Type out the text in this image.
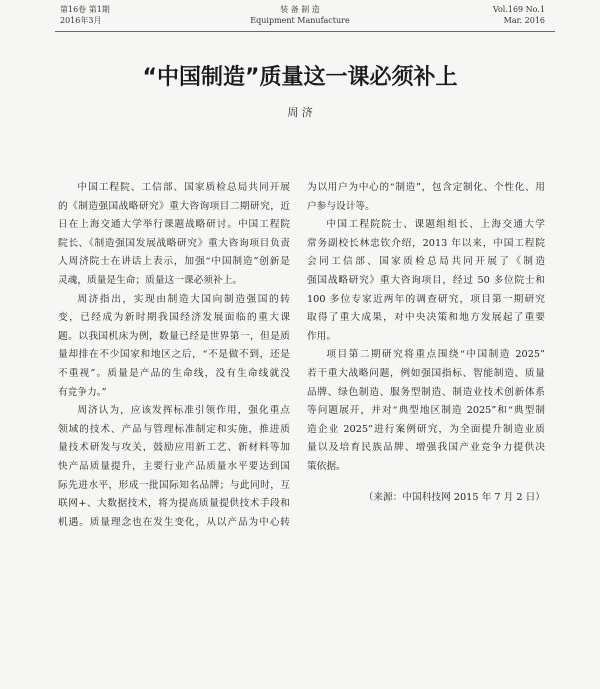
第16卷 第1期
2016年3月
装 备 制 造
Equipment Manufacture
Vol.169 No.1
Mar. 2016
“中国制造”质量这一课必须补上
周 济
中国工程院、工信部、国家质检总局共同开展
的《制造强国战略研究》重大咨询项目二期研究，近
日在上海交通大学举行课题战略研讨。中国工程院
院长、《制造强国发展战略研究》重大咨询项目负责
人周济院士在讲话上表示，加强“中国制造”创新是
灵魂，质量是生命；质量这一课必须补上。
周济指出，实现由制造大国向制造强国的转
变，已经成为新时期我国经济发展面临的重大课
题。以我国机床为例，数量已经是世界第一，但是质
量却排在不少国家和地区之后，“不是做不到，还是
不重视”。质量是产品的生命线，没有生命线就没
有竞争力。”
周济认为，应该发挥标准引领作用，强化重点
领域的技术、产品与管理标准制定和实施，推进质
量技术研发与攻关，鼓励应用新工艺、新材料等加
快产品质量提升，主要行业产品质量水平要达到国
际先进水平，形成一批国际知名品牌；与此同时，互
联网+、大数据技术，将为提高质量提供技术手段和
机遇。质量理念也在发生变化，从以产品为中心转
为以用户为中心的“制造”，包含定制化、个性化、用
户参与设计等。
中国工程院院士、课题组组长、上海交通大学
常务副校长林忠钦介绍，2013 年以来，中国工程院
会同工信部、国家质检总局共同开展了《制造
强国战略研究》重大咨询项目，经过 50 多位院士和
100 多位专家近两年的调查研究，项目第一期研究
取得了重大成果，对中央决策和地方发展起了重要
作用。
项目第二期研究将重点围绕“中国制造 2025”
若干重大战略问题，例如强国指标、智能制造、质量
品牌、绿色制造、服务型制造、制造业技术创新体系
等问题展开，并对“典型地区制造 2025”和“典型制
造企业 2025”进行案例研究，为全面提升制造业质
量以及培育民族品牌、增强我国产业竞争力提供决
策依据。
（来源：中国科技网 2015 年 7 月 2 日）
